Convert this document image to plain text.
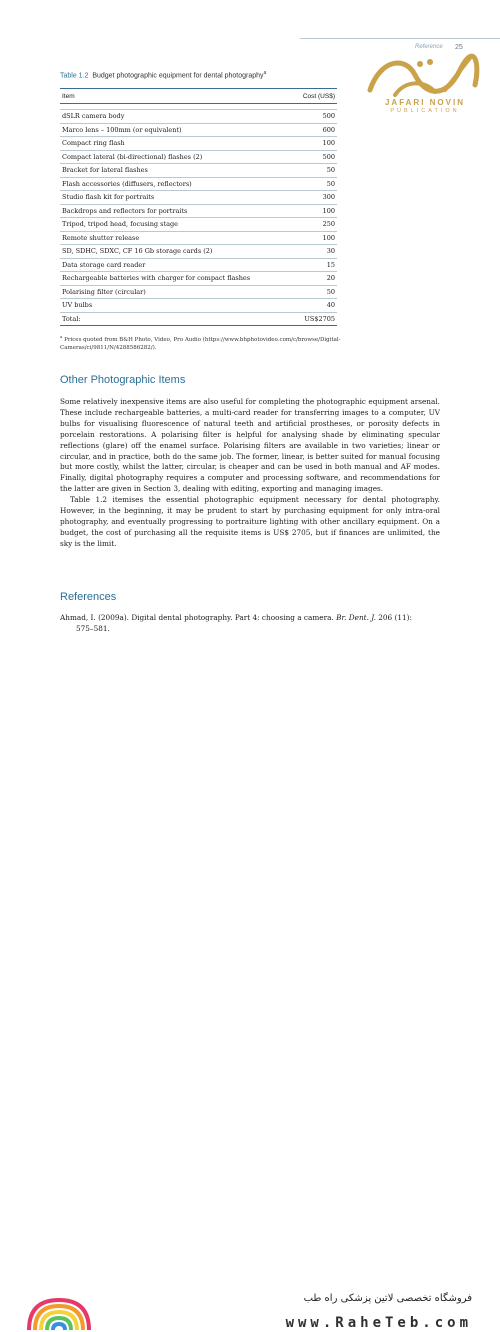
Reference 25
JAFARI NOVIN
PUBLICATION
Table 1.2 Budget photographic equipment for dental photography$^a$
Item	Cost (US$)

dSLR camera body	500
Marco lens – 100mm (or equivalent)	600
Compact ring flash	100
Compact lateral (bi-directional) flashes (2)	500
Bracket for lateral flashes	50
Flash accessories (diffusers, reflectors)	50
Studio flash kit for portraits	300
Backdrops and reflectors for portraits	100
Tripod, tripod head, focusing stage	250
Remote shutter release	100
SD, SDHC, SDXC, CF 16 Gb storage cards (2)	30
Data storage card reader	15
Rechargeable batteries with charger for compact flashes	20
Polarising filter (circular)	50
UV bulbs	40
Total:	US$2705
$^a$ Prices quoted from B&H Photo, Video, Pro Audio (https://www.bhphotovideo.com/c/browse/Digital-Cameras/ci/9811/N/4288586282/).
Other Photographic Items

Some relatively inexpensive items are also useful for completing the photographic equipment arsenal. These include rechargeable batteries, a multi-card reader for transferring images to a computer, UV bulbs for visualising fluorescence of natural teeth and artificial prostheses, or porosity defects in porcelain restorations. A polarising filter is helpful for analysing shade by eliminating specular reflections (glare) off the enamel surface. Polarising filters are available in two varieties; linear or circular, and in practice, both do the same job. The former, linear, is better suited for manual focusing but more costly, whilst the latter, circular, is cheaper and can be used in both manual and AF modes. Finally, digital photography requires a computer and processing software, and recommendations for the latter are given in Section 3, dealing with editing, exporting and managing images.

Table 1.2 itemises the essential photographic equipment necessary for dental photography. However, in the beginning, it may be prudent to start by purchasing equipment for only intra-oral photography, and eventually progressing to portraiture lighting with other ancillary equipment. On a budget, the cost of purchasing all the requisite items is US$ 2705, but if finances are unlimited, the sky is the limit.

References
Ahmad, I. (2009a). Digital dental photography. Part 4: choosing a camera. Br. Dent. J. 206 (11):
575–581.
فروشگاه تخصصی لاتین پزشکی راه طب
www.RaheTeb.com
